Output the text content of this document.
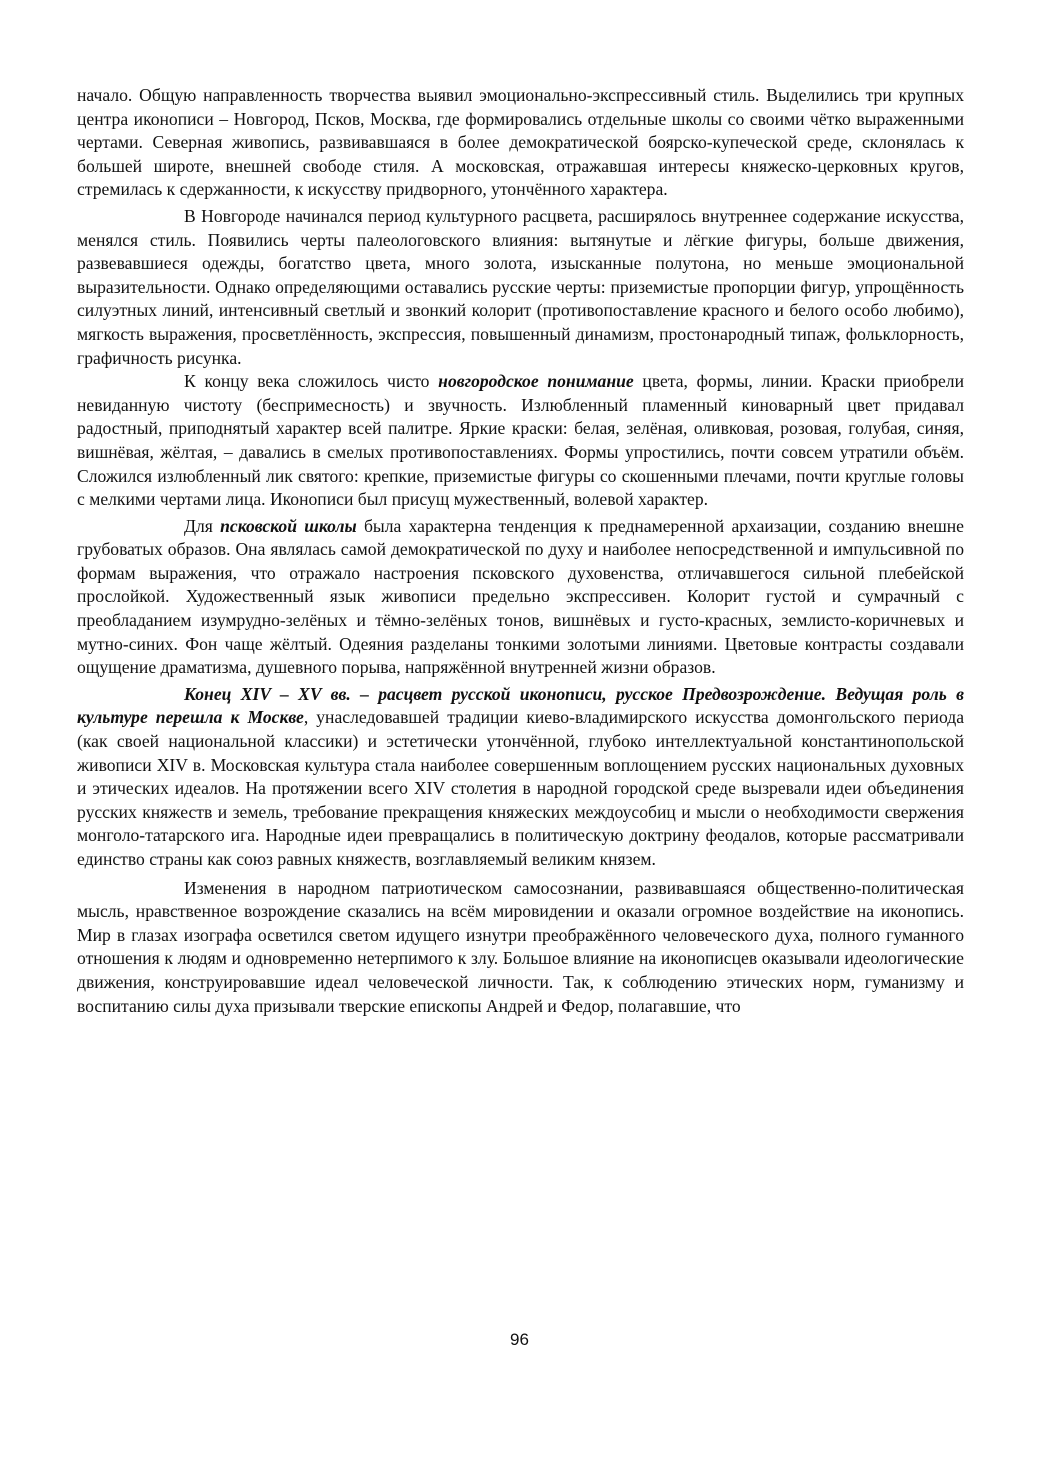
начало. Общую направленность творчества выявил эмоционально-экспрессивный стиль. Выделились три крупных центра иконописи – Новгород, Псков, Москва, где формировались отдельные школы со своими чётко выраженными чертами. Северная живопись, развивавшаяся в более демократической боярско-купеческой среде, склонялась к большей широте, внешней свободе стиля. А московская, отражавшая интересы княжеско-церковных кругов, стремилась к сдержанности, к искусству придворного, утончённого характера.

В Новгороде начинался период культурного расцвета, расширялось внутреннее содержание искусства, менялся стиль. Появились черты палеологовского влияния: вытянутые и лёгкие фигуры, больше движения, развевавшиеся одежды, богатство цвета, много золота, изысканные полутона, но меньше эмоциональной выразительности. Однако определяющими оставались русские черты: приземистые пропорции фигур, упрощённость силуэтных линий, интенсивный светлый и звонкий колорит (противопоставление красного и белого особо любимо), мягкость выражения, просветлённость, экспрессия, повышенный динамизм, простонародный типаж, фольклорность, графичность рисунка.

К концу века сложилось чисто новгородское понимание цвета, формы, линии. Краски приобрели невиданную чистоту (беспримесность) и звучность. Излюбленный пламенный киноварный цвет придавал радостный, приподнятый характер всей палитре. Яркие краски: белая, зелёная, оливковая, розовая, голубая, синяя, вишнёвая, жёлтая, – давались в смелых противопоставлениях. Формы упростились, почти совсем утратили объём. Сложился излюбленный лик святого: крепкие, приземистые фигуры со скошенными плечами, почти круглые головы с мелкими чертами лица. Иконописи был присущ мужественный, волевой характер.

Для псковской школы была характерна тенденция к преднамеренной архаизации, созданию внешне грубоватых образов. Она являлась самой демократической по духу и наиболее непосредственной и импульсивной по формам выражения, что отражало настроения псковского духовенства, отличавшегося сильной плебейской прослойкой. Художественный язык живописи предельно экспрессивен. Колорит густой и сумрачный с преобладанием изумрудно-зелёных и тёмно-зелёных тонов, вишнёвых и густо-красных, землисто-коричневых и мутно-синих. Фон чаще жёлтый. Одеяния разделаны тонкими золотыми линиями. Цветовые контрасты создавали ощущение драматизма, душевного порыва, напряжённой внутренней жизни образов.

Конец XIV – XV вв. – расцвет русской иконописи, русское Предвозрождение. Ведущая роль в культуре перешла к Москве, унаследовавшей традиции киево-владимирского искусства домонгольского периода (как своей национальной классики) и эстетически утончённой, глубоко интеллектуальной константинопольской живописи XIV в. Московская культура стала наиболее совершенным воплощением русских национальных духовных и этических идеалов. На протяжении всего XIV столетия в народной городской среде вызревали идеи объединения русских княжеств и земель, требование прекращения княжеских междоусобиц и мысли о необходимости свержения монголо-татарского ига. Народные идеи превращались в политическую доктрину феодалов, которые рассматривали единство страны как союз равных княжеств, возглавляемый великим князем.

Изменения в народном патриотическом самосознании, развивавшаяся общественно-политическая мысль, нравственное возрождение сказались на всём мировидении и оказали огромное воздействие на иконопись. Мир в глазах изографа осветился светом идущего изнутри преображённого человеческого духа, полного гуманного отношения к людям и одновременно нетерпимого к злу. Большое влияние на иконописцев оказывали идеологические движения, конструировавшие идеал человеческой личности. Так, к соблюдению этических норм, гуманизму и воспитанию силы духа призывали тверские епископы Андрей и Федор, полагавшие, что

96
